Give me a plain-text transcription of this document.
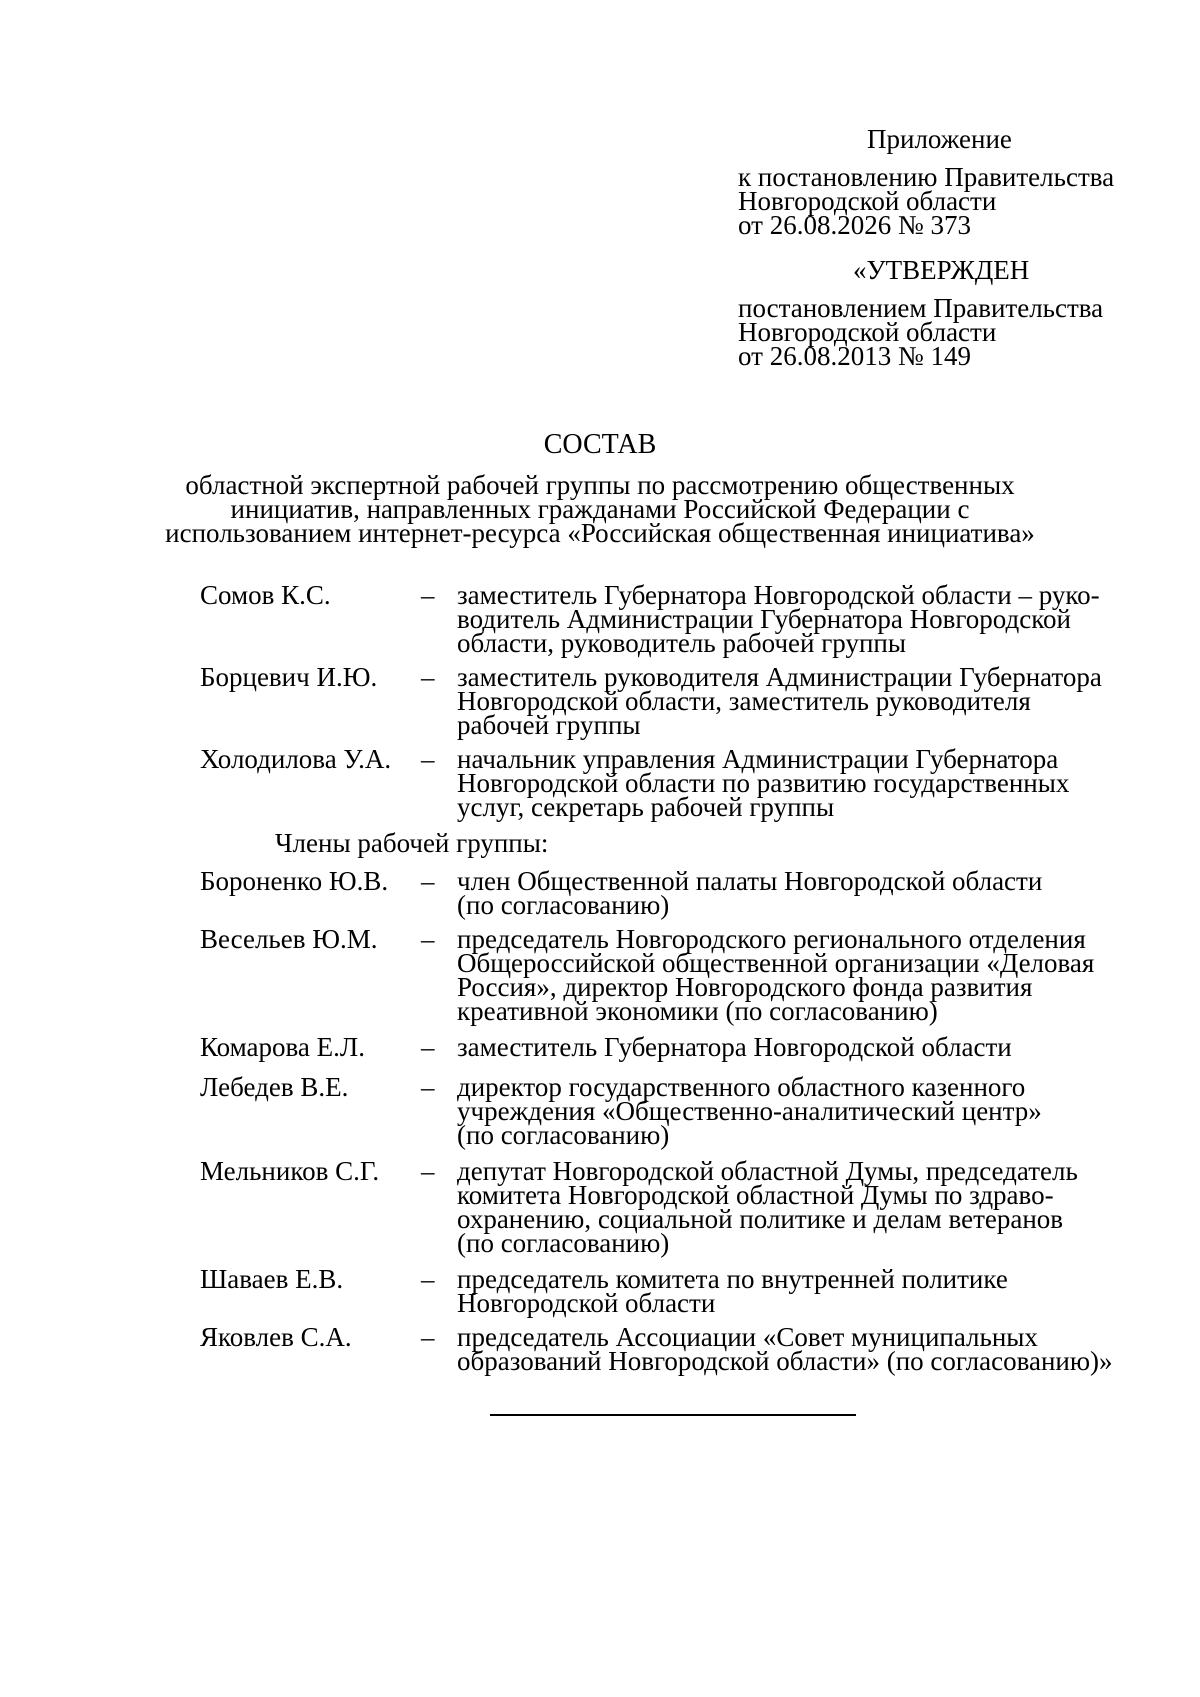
Приложение
к постановлению Правительства
Новгородской области
от 26.08.2026 № 373
«УТВЕРЖДЕН
постановлением Правительства
Новгородской области
от 26.08.2013 № 149
СОСТАВ
областной экспертной рабочей группы по рассмотрению общественных
инициатив, направленных гражданами Российской Федерации с
использованием интернет-ресурса «Российская общественная инициатива»
Члены рабочей группы:
Сомов К.С.	– заместитель Губернатора Новгородской области – руко-
водитель Администрации Губернатора Новгородской
области, руководитель рабочей группы
Борцевич И.Ю. – заместитель руководителя Администрации Губернатора
Новгородской области, заместитель руководителя
рабочей группы
Холодилова У.А. – начальник управления Администрации Губернатора
Новгородской области по развитию государственных
услуг, секретарь рабочей группы
Бороненко Ю.В. – член Общественной палаты Новгородской области
(по согласованию)
Весельев Ю.М. – председатель Новгородского регионального отделения
Общероссийской общественной организации «Деловая
Россия», директор Новгородского фонда развития
креативной экономики (по согласованию)
Комарова Е.Л. – заместитель Губернатора Новгородской области
Лебедев В.Е.	– директор государственного областного казенного
учреждения «Общественно-аналитический центр»
(по согласованию)
Мельников С.Г. – депутат Новгородской областной Думы, председатель
комитета Новгородской областной Думы по здраво-
охранению, социальной политике и делам ветеранов
(по согласованию)
Шаваев Е.В.	– председатель комитета по внутренней политике
Новгородской области
Яковлев С.А.	– председатель Ассоциации «Совет муниципальных
образований Новгородской области» (по согласованию)»
